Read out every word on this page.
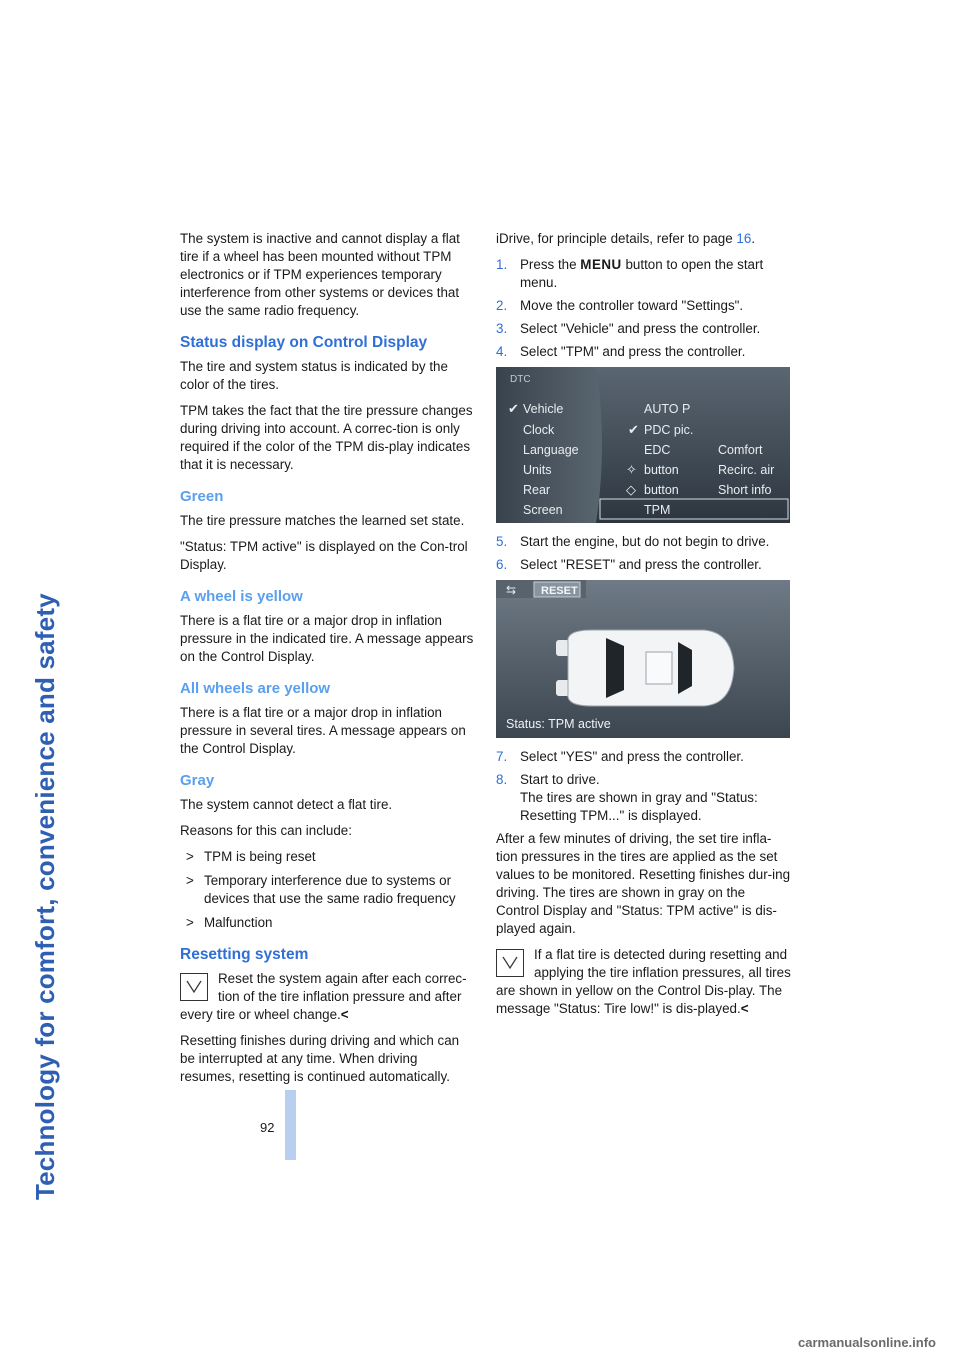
Technology for comfort, convenience and safety

The system is inactive and cannot display a flat tire if a wheel has been mounted without TPM electronics or if TPM experiences temporary interference from other systems or devices that use the same radio frequency.

Status display on Control Display

The tire and system status is indicated by the color of the tires.

TPM takes the fact that the tire pressure changes during driving into account. A correc-tion is only required if the color of the TPM dis-play indicates that it is necessary.

Green

The tire pressure matches the learned set state.

"Status: TPM active" is displayed on the Con-trol Display.

A wheel is yellow

There is a flat tire or a major drop in inflation pressure in the indicated tire. A message appears on the Control Display.

All wheels are yellow

There is a flat tire or a major drop in inflation pressure in several tires. A message appears on the Control Display.

Gray

The system cannot detect a flat tire.

Reasons for this can include:

> TPM is being reset
> Temporary interference due to systems or devices that use the same radio frequency
> Malfunction
Resetting system
Reset the system again after each correc-tion of the tire inflation pressure and after every tire or wheel change.<

Resetting finishes during driving and which can be interrupted at any time. When driving resumes, resetting is continued automatically.

iDrive, for principle details, refer to page 16.

1. Press the MENU button to open the start menu.
2. Move the controller toward "Settings".
3. Select "Vehicle" and press the controller.
4. Select "TPM" and press the controller.
DTC
✔ Vehicle
Clock
Language
Units
Rear
Screen
AUTO P
✔ PDC pic.
EDC
✧ button
◇ button
TPM
Comfort
Recirc. air
Short info
5. Start the engine, but do not begin to drive.
6. Select "RESET" and press the controller.
⇆ RESET
Status: TPM active
7. Select "YES" and press the controller.
8. Start to drive.
The tires are shown in gray and "Status: Resetting TPM..." is displayed.

After a few minutes of driving, the set tire infla-tion pressures in the tires are applied as the set values to be monitored. Resetting finishes dur-ing driving. The tires are shown in gray on the Control Display and "Status: TPM active" is dis-played again.

If a flat tire is detected during resetting and applying the tire inflation pressures, all tires are shown in yellow on the Control Dis-play. The message "Status: Tire low!" is dis-played.<
92
carmanualsonline.info
